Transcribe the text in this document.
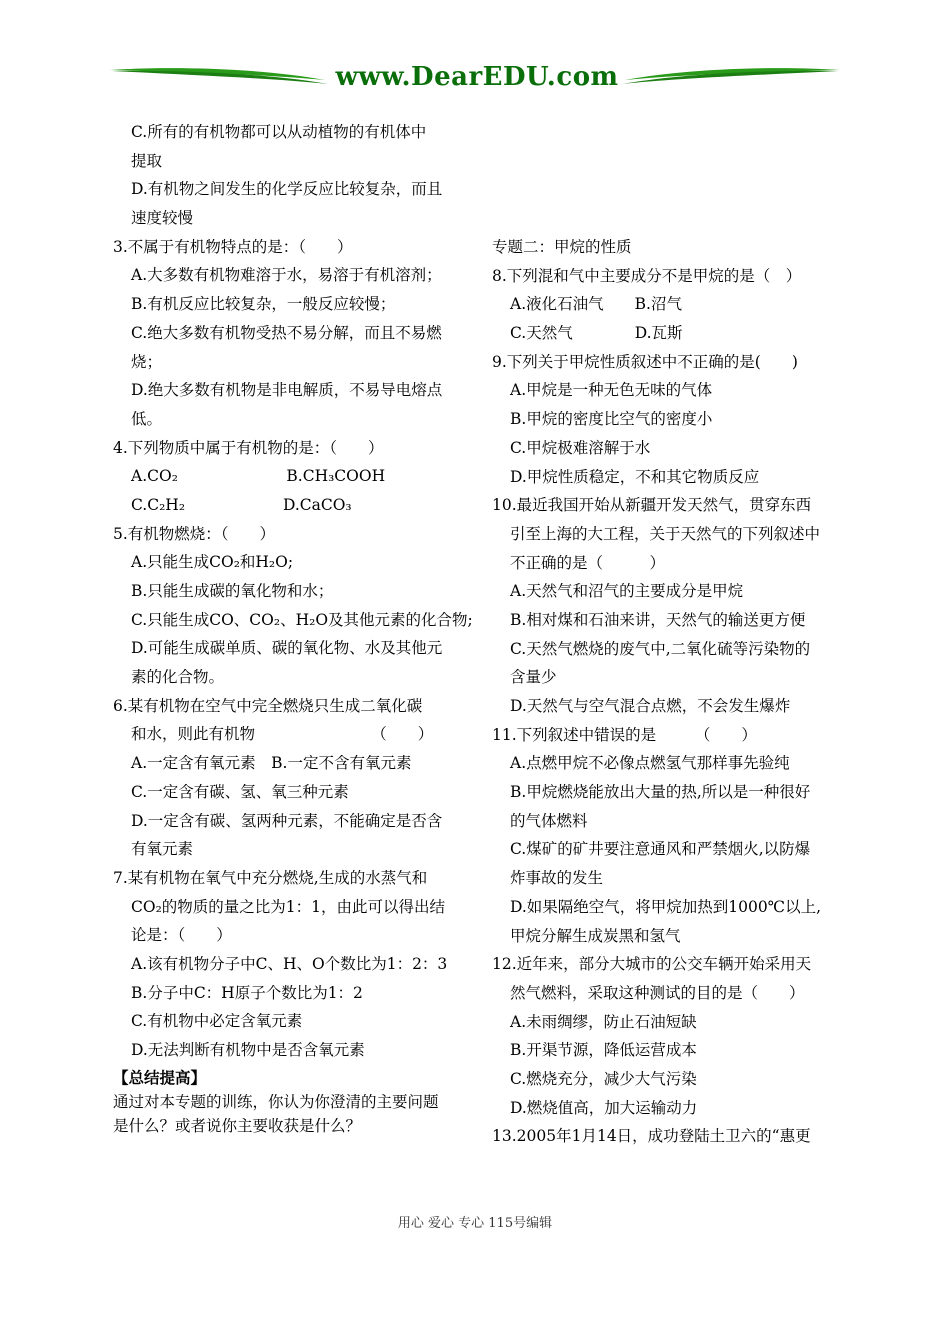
www.DearEDU.com
C.所有的有机物都可以从动植物的有机体中
提取
D.有机物之间发生的化学反应比较复杂，而且
速度较慢
3.不属于有机物特点的是：（　　）
A.大多数有机物难溶于水，易溶于有机溶剂；
B.有机反应比较复杂，一般反应较慢；
C.绝大多数有机物受热不易分解，而且不易燃
烧；
D.绝大多数有机物是非电解质，不易导电熔点
低。
4.下列物质中属于有机物的是：（　　）
A.CO₂　　　　　　　B.CH₃COOH
C.C₂H₂　　　　　　 D.CaCO₃
5.有机物燃烧：（　　）
A.只能生成CO₂和H₂O;
B.只能生成碳的氧化物和水；
C.只能生成CO、CO₂、H₂O及其他元素的化合物;
D.可能生成碳单质、碳的氧化物、水及其他元
素的化合物。
6.某有机物在空气中完全燃烧只生成二氧化碳
和水，则此有机物　　　　　　　　（　　）
A.一定含有氧元素　B.一定不含有氧元素
C.一定含有碳、氢、氧三种元素
D.一定含有碳、氢两种元素，不能确定是否含
有氧元素
7.某有机物在氧气中充分燃烧,生成的水蒸气和
CO₂的物质的量之比为1：1，由此可以得出结
论是：（　　）
A.该有机物分子中C、H、O个数比为1：2：3
B.分子中C：H原子个数比为1：2
C.有机物中必定含氧元素
D.无法判断有机物中是否含氧元素
专题二：甲烷的性质
8.下列混和气中主要成分不是甲烷的是（　）
A.液化石油气　　B.沼气
C.天然气　　　　D.瓦斯
9.下列关于甲烷性质叙述中不正确的是(　　)
A.甲烷是一种无色无味的气体
B.甲烷的密度比空气的密度小
C.甲烷极难溶解于水
D.甲烷性质稳定，不和其它物质反应
10.最近我国开始从新疆开发天然气，贯穿东西
引至上海的大工程，关于天然气的下列叙述中
不正确的是（　　　）
A.天然气和沼气的主要成分是甲烷
B.相对煤和石油来讲，天然气的输送更方便
C.天然气燃烧的废气中,二氧化硫等污染物的
含量少
D.天然气与空气混合点燃，不会发生爆炸
11.下列叙述中错误的是　　　（　　）
A.点燃甲烷不必像点燃氢气那样事先验纯
B.甲烷燃烧能放出大量的热,所以是一种很好
的气体燃料
C.煤矿的矿井要注意通风和严禁烟火,以防爆
炸事故的发生
D.如果隔绝空气，将甲烷加热到1000℃以上,
甲烷分解生成炭黑和氢气
12.近年来，部分大城市的公交车辆开始采用天
然气燃料，采取这种测试的目的是（　　）
A.未雨绸缪，防止石油短缺
B.开渠节源，降低运营成本
C.燃烧充分，减少大气污染
D.燃烧值高，加大运输动力
13.2005年1月14日，成功登陆土卫六的“惠更
【总结提高】
通过对本专题的训练，你认为你澄清的主要问题
是什么？或者说你主要收获是什么？
用心 爱心 专心 115号编辑
